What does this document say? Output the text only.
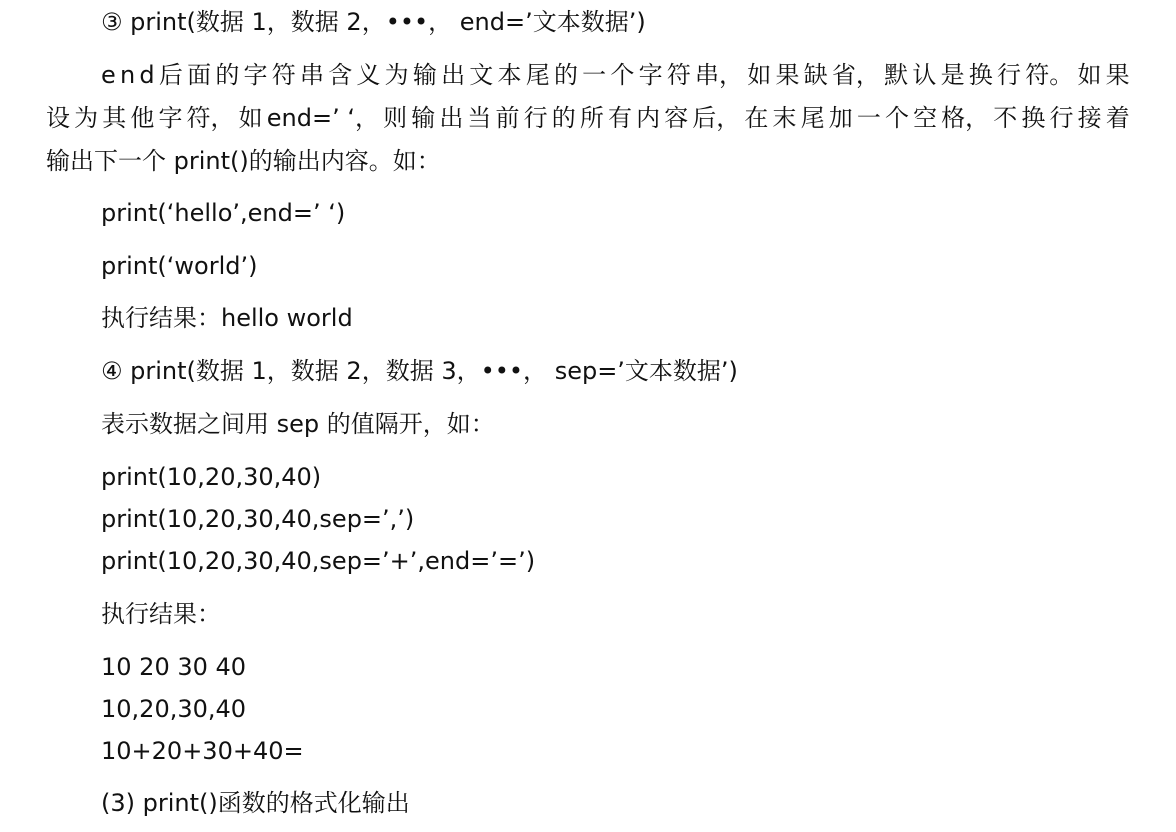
③ print(数据 1，数据 2，•••， end=’文本数据’)
e n d 后 面 的 字 符 串 含 义 为 输 出 文 本 尾 的 一 个 字 符 串， 如 果 缺 省， 默 认 是 换 行 符。 如 果
设 为 其 他 字 符， 如 end=’ ‘， 则 输 出 当 前 行 的 所 有 内 容 后， 在 末 尾 加 一 个 空 格， 不 换 行 接 着
输出下一个 print()的输出内容。如：
print(‘hello’,end=’ ‘)
print(‘world’)
执行结果：hello world
④ print(数据 1，数据 2，数据 3，•••， sep=’文本数据’)
表示数据之间用 sep 的值隔开，如：
print(10,20,30,40)
print(10,20,30,40,sep=’,’)
print(10,20,30,40,sep=’+’,end=’=’)
执行结果：
10 20 30 40
10,20,30,40
10+20+30+40=
(3) print()函数的格式化输出
